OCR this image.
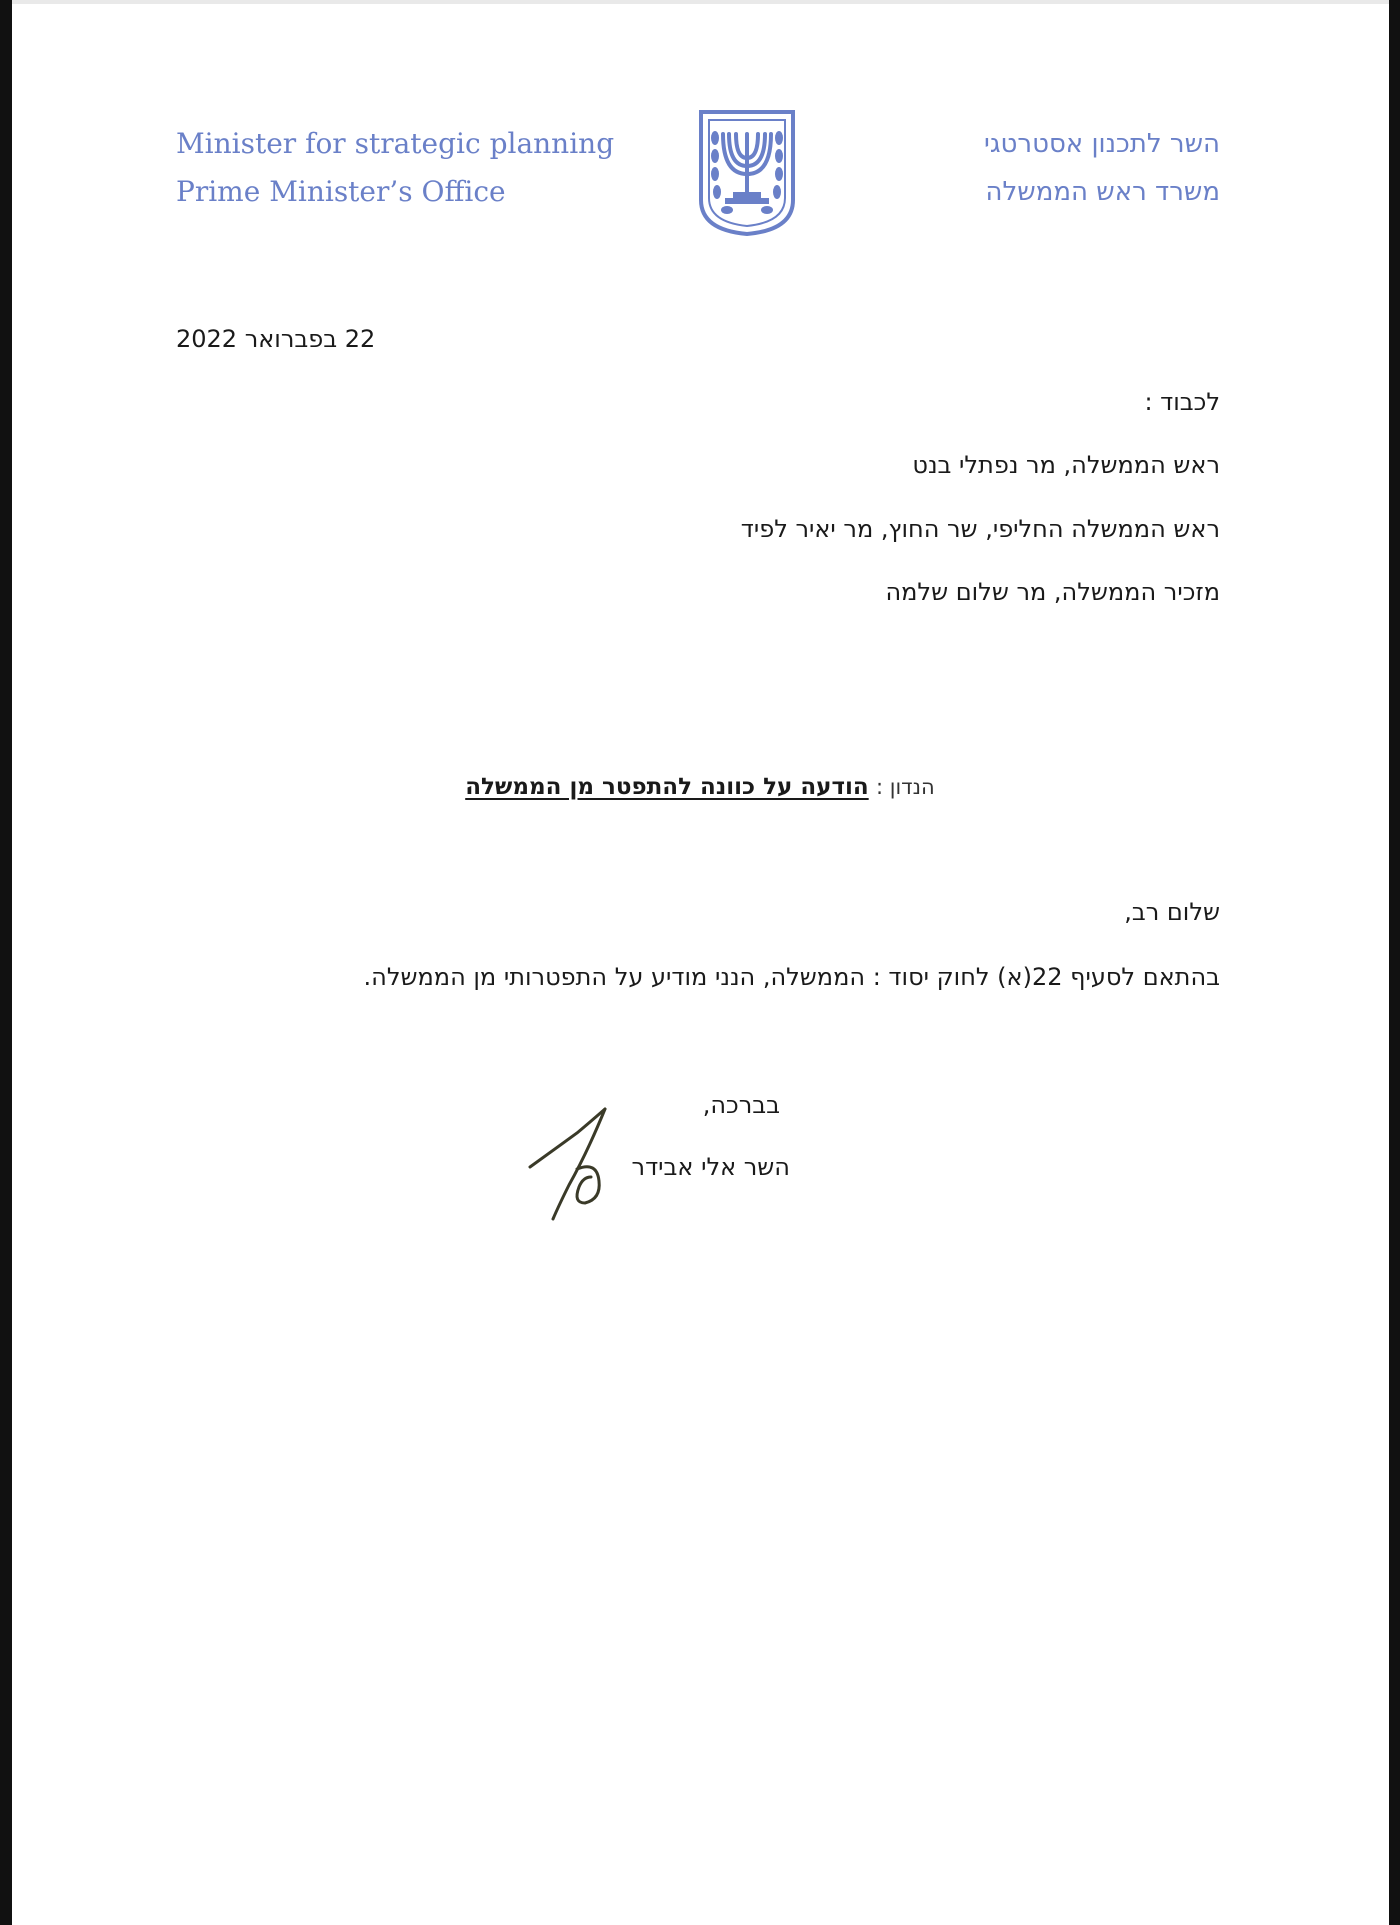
Minister for strategic planning
Prime Minister’s Office
השר לתכנון אסטרטגי
משרד ראש הממשלה
22 בפברואר 2022
לכבוד :
ראש הממשלה, מר נפתלי בנט
ראש הממשלה החליפי, שר החוץ, מר יאיר לפיד
מזכיר הממשלה, מר שלום שלמה
הנדון : הודעה על כוונה להתפטר מן הממשלה
שלום רב,
בהתאם לסעיף 22(א) לחוק יסוד : הממשלה, הנני מודיע על התפטרותי מן הממשלה.
בברכה,
השר אלי אבידר
